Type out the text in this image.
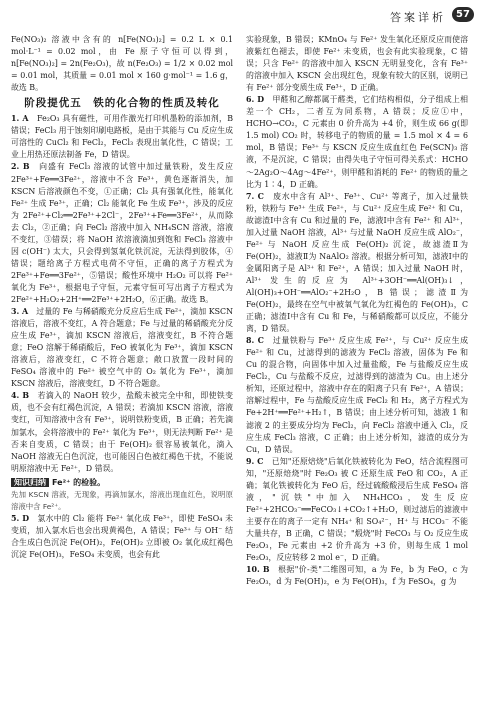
答案详析	57

Fe(NO₃)₂ 溶液中含有的 n[Fe(NO₃)₂] = 0.2 L × 0.1 mol·L⁻¹ = 0.02 mol，由 Fe 原子守恒可以得到，n[Fe(NO₃)₂] = 2n(Fe₂O₃)，故 n(Fe₂O₃) = 1/2 × 0.02 mol = 0.01 mol，其质量 = 0.01 mol × 160 g·mol⁻¹ = 1.6 g，故选 B。

阶段提优五　铁的化合物的性质及转化

1. A　Fe₂O₃ 具有磁性，可用作激光打印机墨粉的添加剂，B 错误；FeCl₃ 用于蚀刻印刷电路板，是由于其能与 Cu 反应生成可溶性的 CuCl₂ 和 FeCl₂，FeCl₃ 表现出氧化性，C 错误；工业上用热还原法制备 Fe，D 错误。

2. B　向盛有 FeCl₃ 溶液的试管中加过量铁粉，发生反应 2Fe³⁺+Fe══3Fe²⁺，溶液中不含 Fe³⁺，黄色逐渐消失，加 KSCN 后溶液颜色不变，①正确；Cl₂ 具有强氧化性，能氧化 Fe²⁺ 生成 Fe³⁺，正确；Cl₂ 能氧化 Fe 生成 Fe³⁺，涉及的反应为 2Fe²⁺+Cl₂══2Fe³⁺+2Cl⁻，2Fe³⁺+Fe══3Fe²⁺，从而除去 Cl₂，②正确；向 FeCl₂ 溶液中加入 NH₄SCN 溶液，溶液不变红，③错误；将 NaOH 浓溶液滴加到饱和 FeCl₃ 溶液中因 c(OH⁻) 太大，只会得到氢氧化铁沉淀，无法得到胶体，④错误；题给离子方程式电荷不守恒，正确的离子方程式为 2Fe³⁺+Fe══3Fe²⁺，⑤错误；酸性环境中 H₂O₂ 可以将 Fe²⁺ 氧化为 Fe³⁺，根据电子守恒，元素守恒可写出离子方程式为 2Fe²⁺+H₂O₂+2H⁺══2Fe³⁺+2H₂O，⑥正确。故选 B。

3. A　过量的 Fe 与稀硝酸充分反应后生成 Fe²⁺，滴加 KSCN 溶液后，溶液不变红，A 符合题意；Fe 与过量的稀硝酸充分反应生成 Fe³⁺，滴加 KSCN 溶液后，溶液变红，B 不符合题意；FeO 溶解于稀硝酸后，FeO 被氧化为 Fe³⁺，滴加 KSCN 溶液后，溶液变红，C 不符合题意；敞口放置一段时间的 FeSO₄ 溶液中的 Fe²⁺ 被空气中的 O₂ 氧化为 Fe³⁺，滴加 KSCN 溶液后，溶液变红，D 不符合题意。

4. B　若滴入的 NaOH 较少，盐酸未被完全中和，即使铁变质，也不会有红褐色沉淀，A 错误；若滴加 KSCN 溶液，溶液变红，可知溶液中含有 Fe³⁺，说明铁粉变质，B 正确；若先滴加氯水，会将溶液中的 Fe²⁺ 氧化为 Fe³⁺，则无法判断 Fe²⁺ 是否来自变质，C 错误；由于 Fe(OH)₂ 很容易被氧化，滴入 NaOH 溶液无白色沉淀，也可能因白色被红褐色干扰，不能说明原溶液中无 Fe²⁺，D 错误。

知识归纳 Fe²⁺ 的检验。

先加 KSCN 溶液，无现象，再滴加氯水，溶液出现血红色，说明原溶液中含 Fe²⁺。

5. D　氯水中的 Cl₂ 能将 Fe²⁺ 氧化成 Fe³⁺，即使 FeSO₄ 未变质，加入氯水后也会出现黄褐色，A 错误；Fe³⁺ 与 OH⁻ 结合生成白色沉淀 Fe(OH)₂，Fe(OH)₂ 立即被 O₂ 氧化成红褐色沉淀 Fe(OH)₃，FeSO₄ 未变质，也会有此

实验现象，B 错误；KMnO₄ 与 Fe²⁺ 发生氧化还原反应而使溶液紫红色褪去，即使 Fe²⁺ 未变质，也会有此实验现象，C 错误；只含 Fe²⁺ 的溶液中加入 KSCN 无明显变化，含有 Fe³⁺ 的溶液中加入 KSCN 会出现红色，现象有较大的区别，说明已有 Fe²⁺ 部分变质生成 Fe³⁺，D 正确。

6. D　甲醛和乙醇都属于醛类，它们结构相似，分子组成上相差一个 CH₂，二者互为同系物，A 错误；反应①中，HCHO→CO₂，C 元素由 0 价升高为 +4 价，则生成 66 g(即 1.5 mol) CO₂ 时，转移电子的物质的量 = 1.5 mol × 4 = 6 mol，B 错误；Fe³⁺ 与 KSCN 反应生成血红色 Fe(SCN)₃ 溶液，不是沉淀，C 错误；由得失电子守恒可得关系式：HCHO～2Ag₂O～4Ag～4Fe²⁺，则甲醛和消耗的 Fe²⁺ 的物质的量之比为 1∶4，D 正确。

7. C　废水中含有 Al³⁺、Fe³⁺、Cu²⁺ 等离子，加入过量铁粉，铁粉与 Fe³⁺ 生成 Fe²⁺，与 Cu²⁺ 反应生成 Fe²⁺ 和 Cu，故滤渣Ⅰ中含有 Cu 和过量的 Fe，滤液Ⅰ中含有 Fe²⁺ 和 Al³⁺，加入过量 NaOH 溶液，Al³⁺ 与过量 NaOH 反应生成 AlO₂⁻，Fe²⁺ 与 NaOH 反应生成 Fe(OH)₂ 沉淀，故滤渣Ⅱ为 Fe(OH)₂，滤液Ⅱ为 NaAlO₂ 溶液。根据分析可知，滤液Ⅰ中的金属阳离子是 Al³⁺ 和 Fe²⁺，A 错误；加入过量 NaOH 时，Al³⁺ 发生的反应为 Al³⁺+3OH⁻══Al(OH)₃↓，Al(OH)₃+OH⁻══AlO₂⁻+2H₂O，B 错误；滤渣Ⅱ为 Fe(OH)₂，最终在空气中被氧气氧化为红褐色的 Fe(OH)₃，C 正确；滤渣Ⅰ中含有 Cu 和 Fe，与稀硝酸都可以反应，不能分离，D 错误。

8. C　过量铁粉与 Fe³⁺ 反应生成 Fe²⁺，与 Cu²⁺ 反应生成 Fe²⁺ 和 Cu，过滤得到的滤液为 FeCl₂ 溶液，固体为 Fe 和 Cu 的混合物，向固体中加入过量盐酸，Fe 与盐酸反应生成 FeCl₂，Cu 与盐酸不反应，过滤得到的滤渣为 Cu。由上述分析知，还原过程中，溶液中存在的阳离子只有 Fe²⁺，A 错误；溶解过程中，Fe 与盐酸反应生成 FeCl₂ 和 H₂，离子方程式为 Fe+2H⁺══Fe²⁺+H₂↑，B 错误；由上述分析可知，滤液 1 和滤液 2 的主要成分均为 FeCl₂，向 FeCl₂ 溶液中通入 Cl₂，反应生成 FeCl₃ 溶液，C 正确；由上述分析知，滤渣的成分为 Cu，D 错误。

9. C　已知"还原焙烧"后氧化铁被转化为 FeO，结合流程图可知，"还原焙烧"时 Fe₂O₃ 被 C 还原生成 FeO 和 CO₂，A 正确；氧化铁被转化为 FeO 后，经过硫酸酸浸后生成 FeSO₄ 溶液，"沉铁"中加入 NH₄HCO₃，发生反应 Fe²⁺+2HCO₃⁻══FeCO₃↓+CO₂↑+H₂O，则过滤后的滤液中主要存在的离子一定有 NH₄⁺ 和 SO₄²⁻，H⁺ 与 HCO₃⁻ 不能大量共存，B 正确，C 错误；"煅烧"时 FeCO₃ 与 O₂ 反应生成 Fe₂O₃，Fe 元素由 +2 价升高为 +3 价，则每生成 1 mol Fe₂O₃，反应转移 2 mol e⁻，D 正确。

10. B　根据"价-类"二维图可知，a 为 Fe，b 为 FeO，c 为 Fe₂O₃，d 为 Fe(OH)₂，e 为 Fe(OH)₃，f 为 FeSO₄，g 为
